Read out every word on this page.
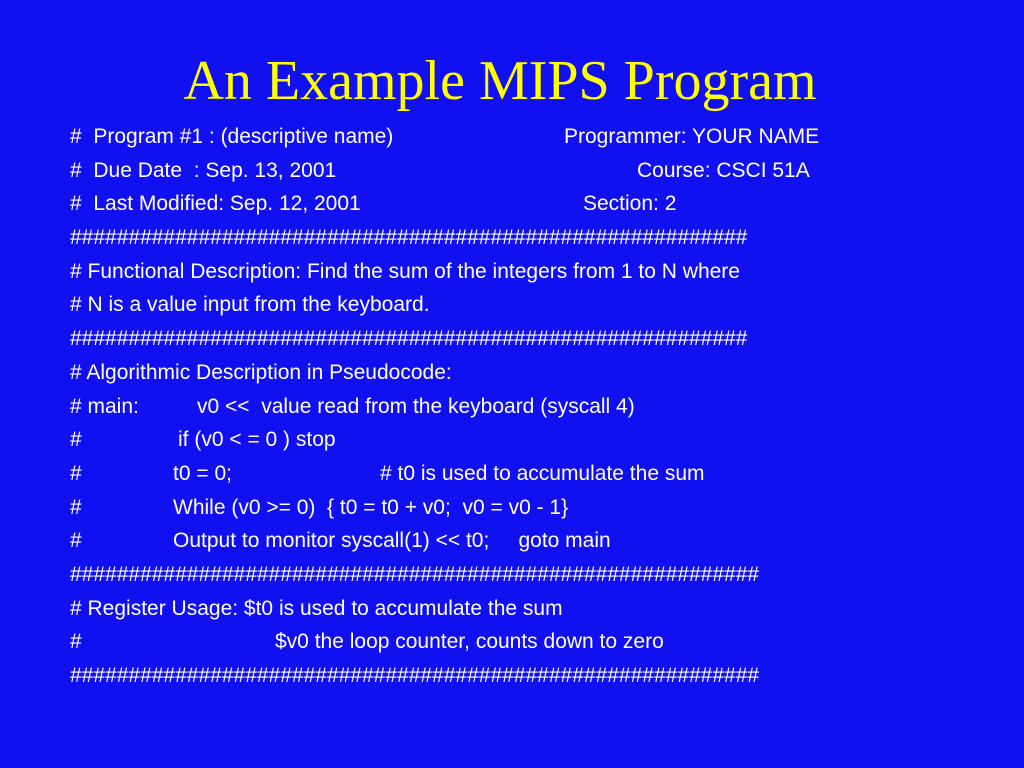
An Example MIPS Program
#  Program #1 : (descriptive name)	Programmer: YOUR NAME
#  Due Date  : Sep. 13, 2001	Course: CSCI 51A
#  Last Modified: Sep. 12, 2001	Section: 2
##########################################################
# Functional Description: Find the sum of the integers from 1 to N where
# N is a value input from the keyboard.
##########################################################
# Algorithmic Description in Pseudocode:
# main:	v0 <<  value read from the keyboard (syscall 4)
#	if (v0 < = 0 ) stop
#	t0 = 0;	# t0 is used to accumulate the sum
#	While (v0 >= 0)  { t0 = t0 + v0;  v0 = v0 - 1}
#	Output to monitor syscall(1) << t0;     goto main
###########################################################
# Register Usage: $t0 is used to accumulate the sum
#	$v0 the loop counter, counts down to zero
###########################################################
